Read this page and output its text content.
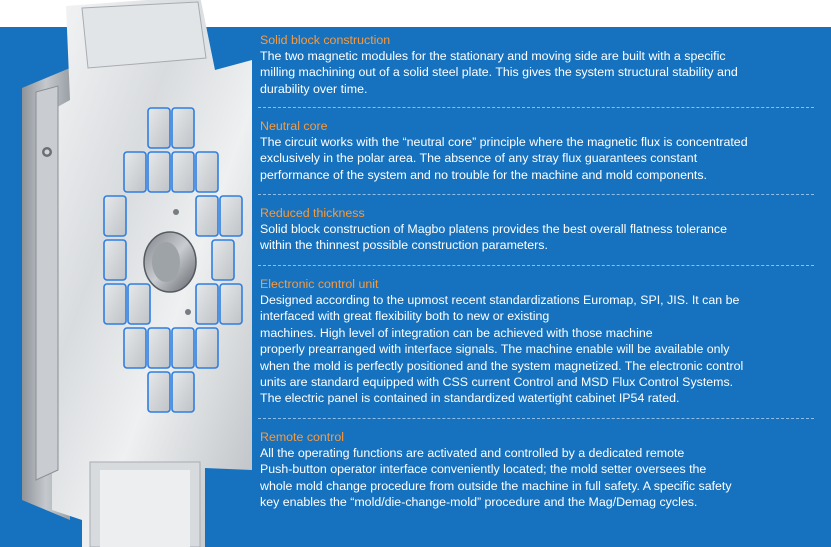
Solid block construction

The two magnetic modules for the stationary and moving side are built with a specific
milling machining out of a solid steel plate. This gives the system structural stability and
durability over time.

Neutral core

The circuit works with the “neutral core” principle where the magnetic flux is concentrated
exclusively in the polar area. The absence of any stray flux guarantees constant
performance of the system and no trouble for the machine and mold components.

Reduced thickness

Solid block construction of Magbo platens provides the best overall flatness tolerance
within the thinnest possible construction parameters.

Electronic control unit

Designed according to the upmost recent standardizations Euromap, SPI, JIS. It can be
interfaced with great flexibility both to new or existing
machines. High level of integration can be achieved with those machine
properly prearranged with interface signals. The machine enable will be available only
when the mold is perfectly positioned and the system magnetized. The electronic control
units are standard equipped with CSS current Control and MSD Flux Control Systems.
The electric panel is contained in standardized watertight cabinet IP54 rated.

Remote control

All the operating functions are activated and controlled by a dedicated remote
Push-button operator interface conveniently located; the mold setter oversees the
whole mold change procedure from outside the machine in full safety. A specific safety
key enables the “mold/die-change-mold” procedure and the Mag/Demag cycles.
